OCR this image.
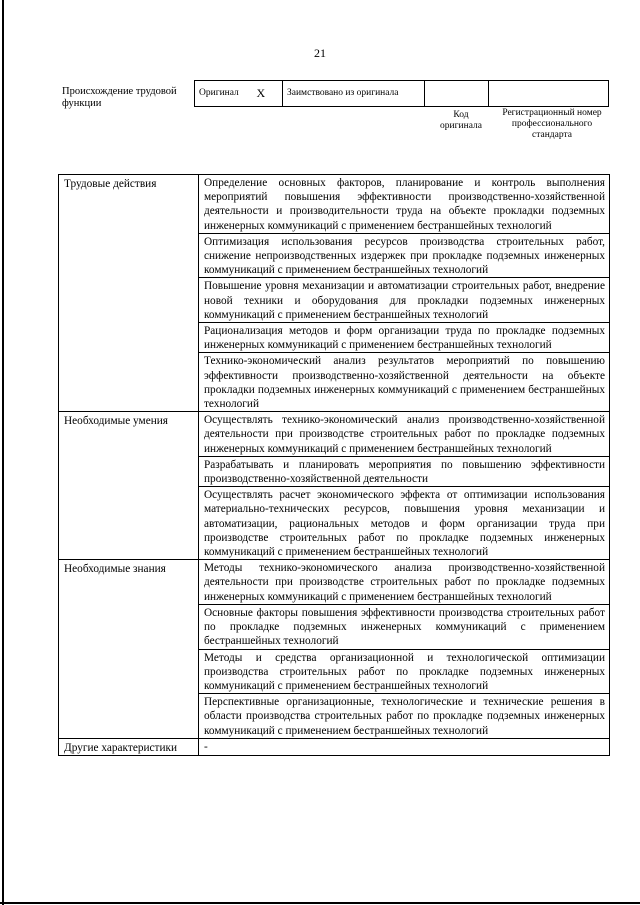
21
Происхождение трудовой функции
Оригинал	Х	Заимствовано из оригинала		
Код оригинала
Регистрационный номер профессионального стандарта
Трудовые действия	Определение основных факторов, планирование и контроль выполнения мероприятий повышения эффективности производственно-хозяйственной деятельности и производительности труда на объекте прокладки подземных инженерных коммуникаций с применением бестраншейных технологий
	Оптимизация использования ресурсов производства строительных работ, снижение непроизводственных издержек при прокладке подземных инженерных коммуникаций с применением бестраншейных технологий
	Повышение уровня механизации и автоматизации строительных работ, внедрение новой техники и оборудования для прокладки подземных инженерных коммуникаций с применением бестраншейных технологий
	Рационализация методов и форм организации труда по прокладке подземных инженерных коммуникаций с применением бестраншейных технологий
	Технико-экономический анализ результатов мероприятий по повышению эффективности производственно-хозяйственной деятельности на объекте прокладки подземных инженерных коммуникаций с применением бестраншейных технологий
Необходимые умения	Осуществлять технико-экономический анализ производственно-хозяйственной деятельности при производстве строительных работ по прокладке подземных инженерных коммуникаций с применением бестраншейных технологий
	Разрабатывать и планировать мероприятия по повышению эффективности производственно-хозяйственной деятельности
	Осуществлять расчет экономического эффекта от оптимизации использования материально-технических ресурсов, повышения уровня механизации и автоматизации, рациональных методов и форм организации труда при производстве строительных работ по прокладке подземных инженерных коммуникаций с применением бестраншейных технологий
Необходимые знания	Методы технико-экономического анализа производственно-хозяйственной деятельности при производстве строительных работ по прокладке подземных инженерных коммуникаций с применением бестраншейных технологий
	Основные факторы повышения эффективности производства строительных работ по прокладке подземных инженерных коммуникаций с применением бестраншейных технологий
	Методы и средства организационной и технологической оптимизации производства строительных работ по прокладке подземных инженерных коммуникаций с применением бестраншейных технологий
	Перспективные организационные, технологические и технические решения в области производства строительных работ по прокладке подземных инженерных коммуникаций с применением бестраншейных технологий
Другие характеристики	-
